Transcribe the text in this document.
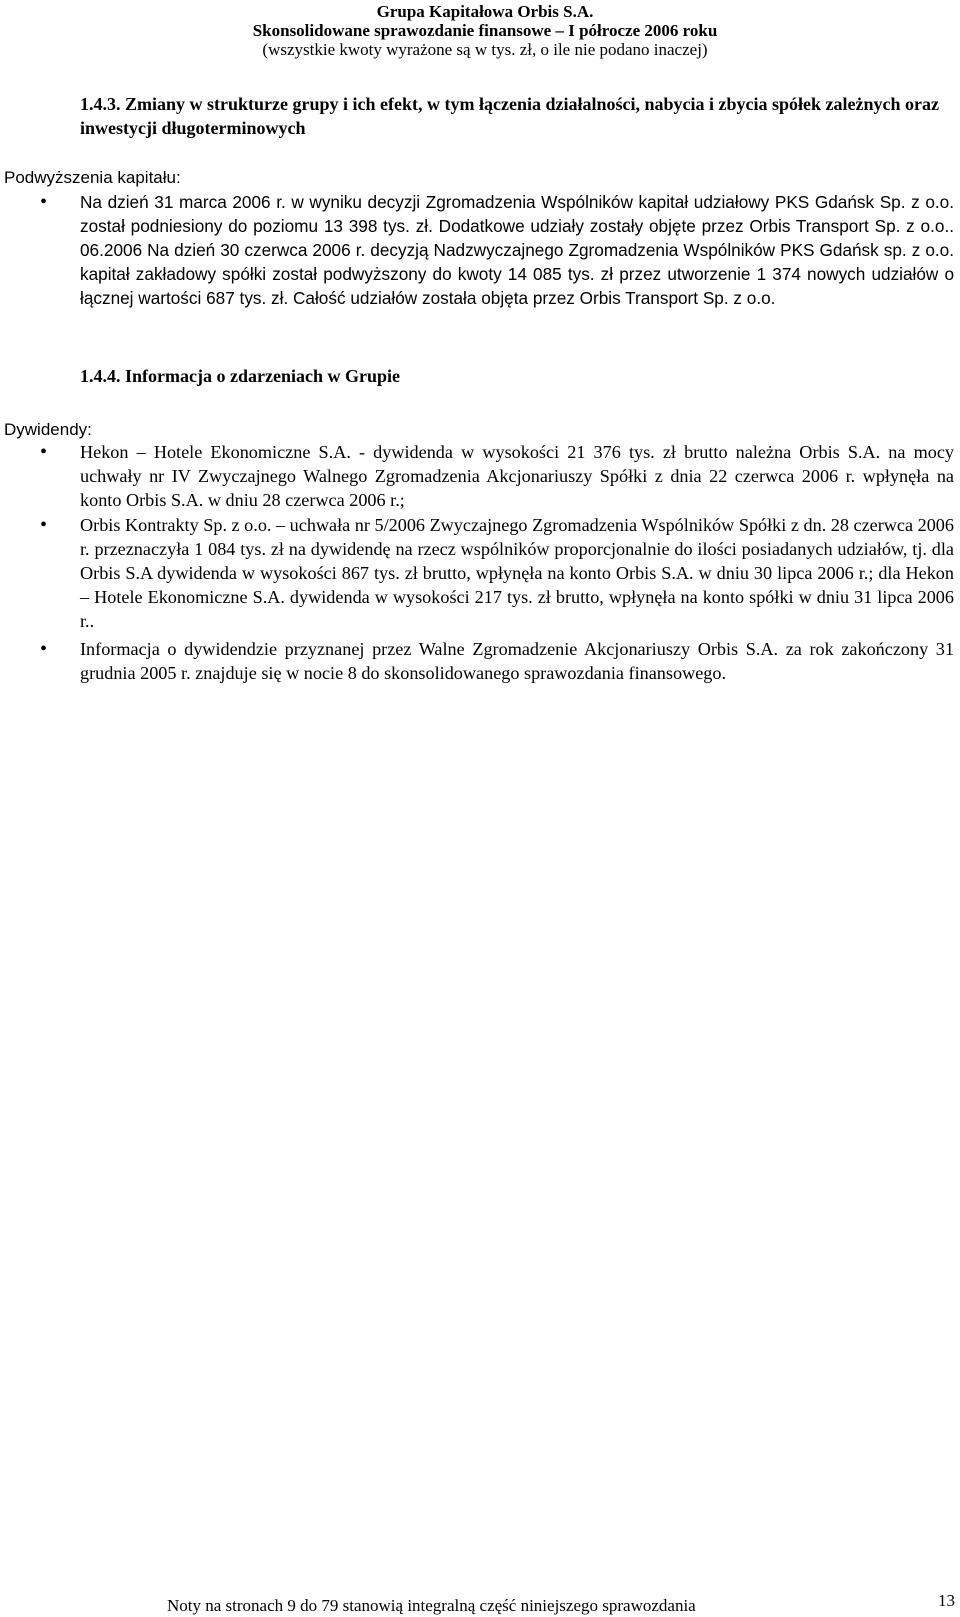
Grupa Kapitałowa Orbis S.A.
Skonsolidowane sprawozdanie finansowe – I półrocze 2006 roku
(wszystkie kwoty wyrażone są w tys. zł, o ile nie podano inaczej)
1.4.3. Zmiany w strukturze grupy i ich efekt, w tym łączenia działalności, nabycia i zbycia spółek zależnych oraz inwestycji długoterminowych
Podwyższenia kapitału:
• Na dzień 31 marca 2006 r. w wyniku decyzji Zgromadzenia Wspólników kapitał udziałowy PKS Gdańsk Sp. z o.o. został podniesiony do poziomu 13 398 tys. zł. Dodatkowe udziały zostały objęte przez Orbis Transport Sp. z o.o.. 06.2006 Na dzień 30 czerwca 2006 r. decyzją Nadzwyczajnego Zgromadzenia Wspólników PKS Gdańsk sp. z o.o. kapitał zakładowy spółki został podwyższony do kwoty 14 085 tys. zł przez utworzenie 1 374 nowych udziałów o łącznej wartości 687 tys. zł. Całość udziałów została objęta przez Orbis Transport Sp. z o.o.
1.4.4. Informacja o zdarzeniach w Grupie
Dywidendy:
• Hekon – Hotele Ekonomiczne S.A. - dywidenda w wysokości 21 376 tys. zł brutto należna Orbis S.A. na mocy uchwały nr IV Zwyczajnego Walnego Zgromadzenia Akcjonariuszy Spółki z dnia 22 czerwca 2006 r. wpłynęła na konto Orbis S.A. w dniu 28 czerwca 2006 r.;
• Orbis Kontrakty Sp. z o.o. – uchwała nr 5/2006 Zwyczajnego Zgromadzenia Wspólników Spółki z dn. 28 czerwca 2006 r. przeznaczyła 1 084 tys. zł na dywidendę na rzecz wspólników proporcjonalnie do ilości posiadanych udziałów, tj. dla Orbis S.A dywidenda w wysokości 867 tys. zł brutto, wpłynęła na konto Orbis S.A. w dniu 30 lipca 2006 r.; dla Hekon – Hotele Ekonomiczne S.A. dywidenda w wysokości 217 tys. zł brutto, wpłynęła na konto spółki w dniu 31 lipca 2006 r..
• Informacja o dywidendzie przyznanej przez Walne Zgromadzenie Akcjonariuszy Orbis S.A. za rok zakończony 31 grudnia 2005 r. znajduje się w nocie 8 do skonsolidowanego sprawozdania finansowego.
Noty na stronach 9 do 79 stanowią integralną część niniejszego sprawozdania	13
